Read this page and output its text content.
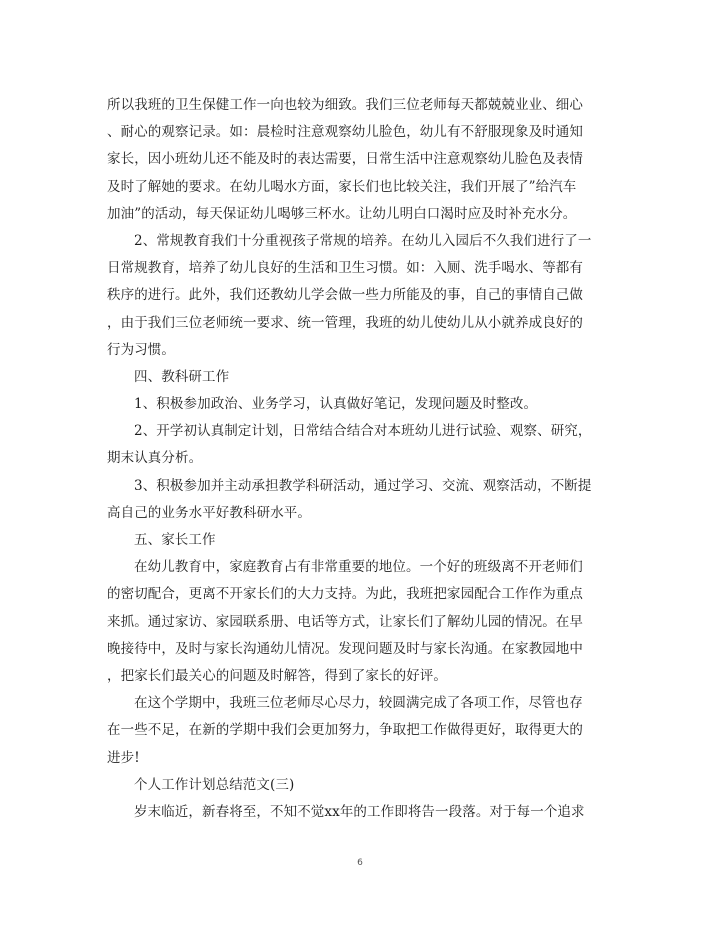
所以我班的卫生保健工作一向也较为细致。我们三位老师每天都兢兢业业、细心
、耐心的观察记录。如：晨检时注意观察幼儿脸色，幼儿有不舒服现象及时通知
家长，因小班幼儿还不能及时的表达需要，日常生活中注意观察幼儿脸色及表情
及时了解她的要求。在幼儿喝水方面，家长们也比较关注，我们开展了”给汽车
加油”的活动，每天保证幼儿喝够三杯水。让幼儿明白口渴时应及时补充水分。
2、常规教育我们十分重视孩子常规的培养。在幼儿入园后不久我们进行了一
日常规教育，培养了幼儿良好的生活和卫生习惯。如：入厕、洗手喝水、等都有
秩序的进行。此外，我们还教幼儿学会做一些力所能及的事，自己的事情自己做
，由于我们三位老师统一要求、统一管理，我班的幼儿使幼儿从小就养成良好的
行为习惯。
四、教科研工作
1、积极参加政治、业务学习，认真做好笔记，发现问题及时整改。
2、开学初认真制定计划，日常结合结合对本班幼儿进行试验、观察、研究，
期末认真分析。
3、积极参加并主动承担教学科研活动，通过学习、交流、观察活动，不断提
高自己的业务水平好教科研水平。
五、家长工作
在幼儿教育中，家庭教育占有非常重要的地位。一个好的班级离不开老师们
的密切配合，更离不开家长们的大力支持。为此，我班把家园配合工作作为重点
来抓。通过家访、家园联系册、电话等方式，让家长们了解幼儿园的情况。在早
晚接待中，及时与家长沟通幼儿情况。发现问题及时与家长沟通。在家教园地中
，把家长们最关心的问题及时解答，得到了家长的好评。
在这个学期中，我班三位老师尽心尽力，较圆满完成了各项工作，尽管也存
在一些不足，在新的学期中我们会更加努力，争取把工作做得更好，取得更大的
进步!
个人工作计划总结范文(三)
岁末临近，新春将至，不知不觉xx年的工作即将告一段落。对于每一个追求
6
